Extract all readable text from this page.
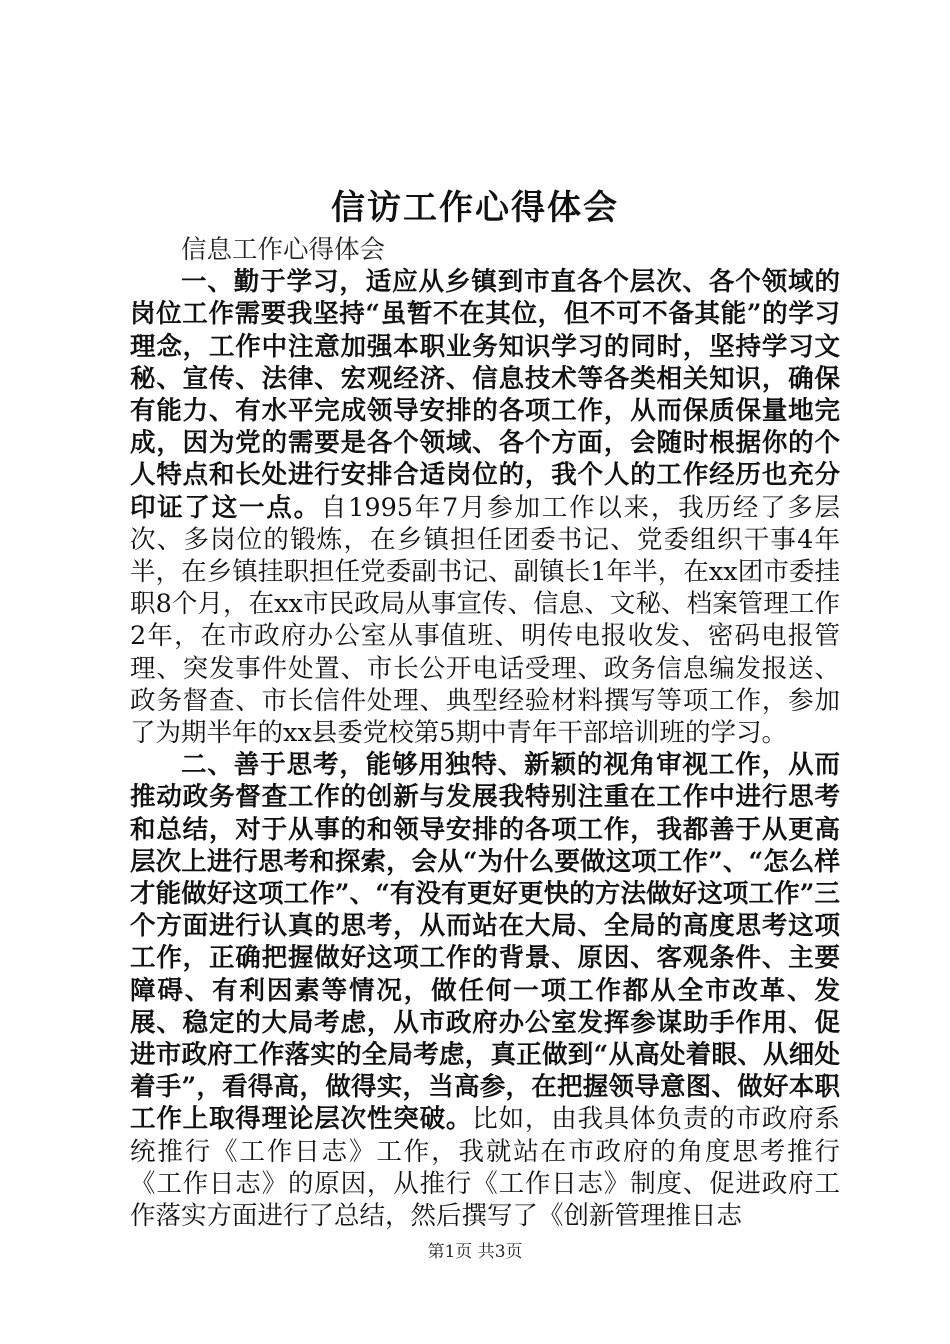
信访工作心得体会

信息工作心得体会

一、勤于学习，适应从乡镇到市直各个层次、各个领域的岗位工作需要我坚持“虽暂不在其位，但不可不备其能”的学习理念，工作中注意加强本职业务知识学习的同时，坚持学习文秘、宣传、法律、宏观经济、信息技术等各类相关知识，确保有能力、有水平完成领导安排的各项工作，从而保质保量地完成，因为党的需要是各个领域、各个方面，会随时根据你的个人特点和长处进行安排合适岗位的，我个人的工作经历也充分印证了这一点。自1995年7月参加工作以来，我历经了多层次、多岗位的锻炼，在乡镇担任团委书记、党委组织干事4年半，在乡镇挂职担任党委副书记、副镇长1年半，在xx团市委挂职8个月，在xx市民政局从事宣传、信息、文秘、档案管理工作2年，在市政府办公室从事值班、明传电报收发、密码电报管理、突发事件处置、市长公开电话受理、政务信息编发报送、政务督查、市长信件处理、典型经验材料撰写等项工作，参加了为期半年的xx县委党校第5期中青年干部培训班的学习。

二、善于思考，能够用独特、新颖的视角审视工作，从而推动政务督查工作的创新与发展我特别注重在工作中进行思考和总结，对于从事的和领导安排的各项工作，我都善于从更高层次上进行思考和探索，会从“为什么要做这项工作”、“怎么样才能做好这项工作”、“有没有更好更快的方法做好这项工作”三个方面进行认真的思考，从而站在大局、全局的高度思考这项工作，正确把握做好这项工作的背景、原因、客观条件、主要障碍、有利因素等情况，做任何一项工作都从全市改革、发展、稳定的大局考虑，从市政府办公室发挥参谋助手作用、促进市政府工作落实的全局考虑，真正做到“从高处着眼、从细处着手”，看得高，做得实，当高参，在把握领导意图、做好本职工作上取得理论层次性突破。比如，由我具体负责的市政府系统推行《工作日志》工作，我就站在市政府的角度思考推行《工作日志》的原因，从推行《工作日志》制度、促进政府工作落实方面进行了总结，然后撰写了《创新管理推日志

第1页 共3页
